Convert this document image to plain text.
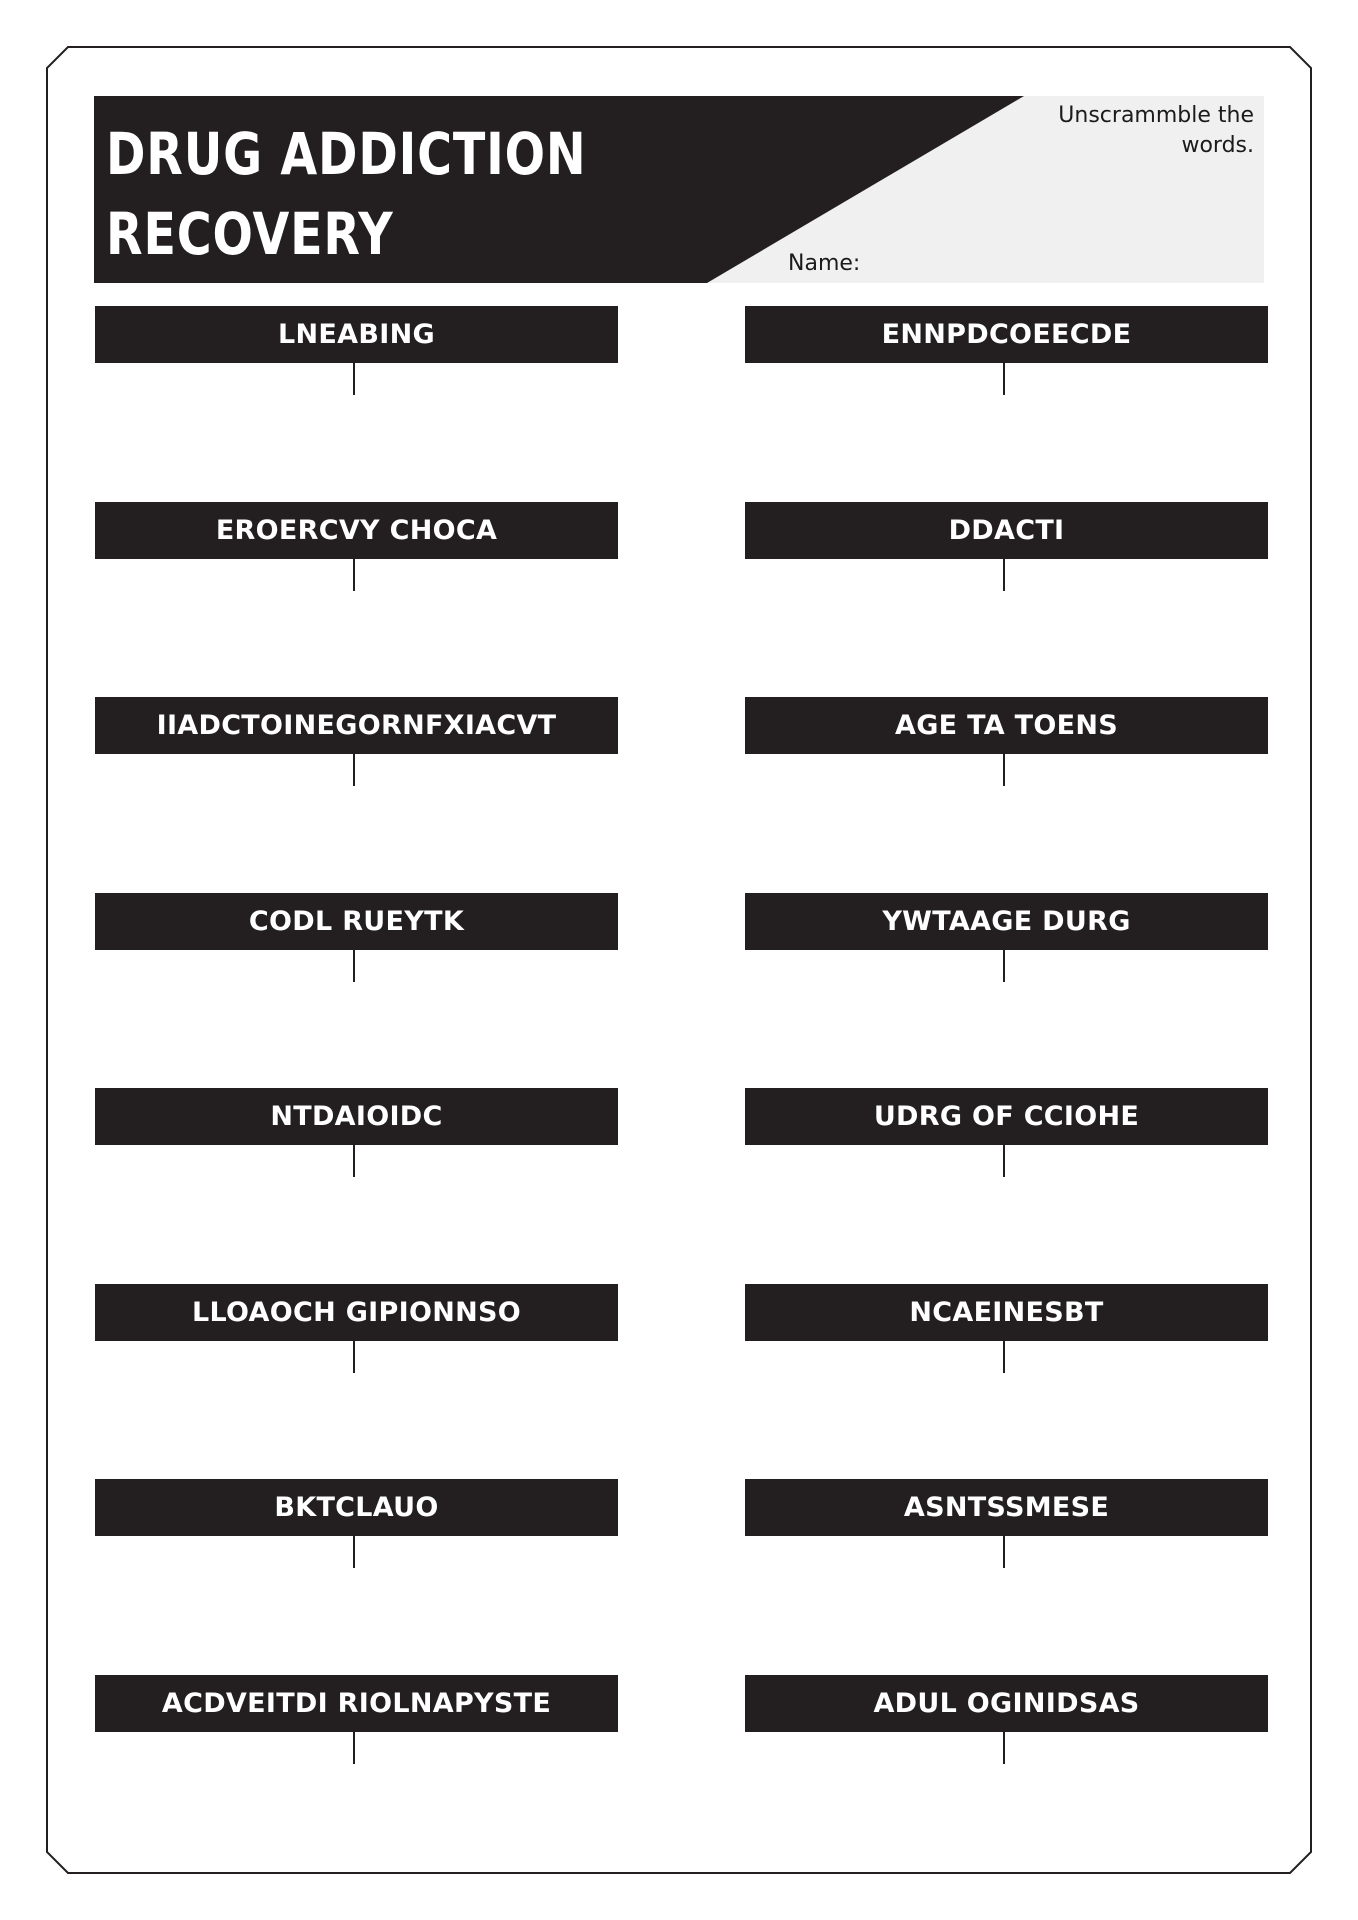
DRUG ADDICTION
RECOVERY
Unscrammble the words.
Name:
LNEABING
EROERCVY CHOCA
IIADCTOINEGORNFXIACVT
CODL RUEYTK
NTDAIOIDC
LLOAOCH GIPIONNSO
BKTCLAUO
ACDVEITDI RIOLNAPYSTE
ENNPDCOEECDE
DDACTI
AGE TA TOENS
YWTAAGE DURG
UDRG OF CCIOHE
NCAEINESBT
ASNTSSMESE
ADUL OGINIDSAS
